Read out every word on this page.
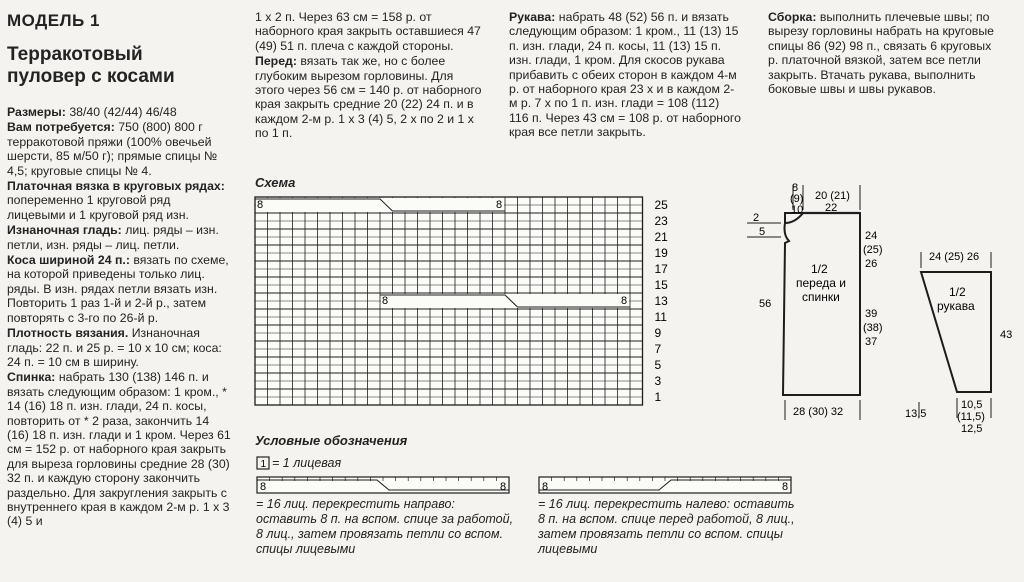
МОДЕЛЬ 1
Терракотовый
пуловер с косами

Размеры: 38/40 (42/44) 46/48

Вам потребуется: 750 (800) 800 г терракотовой пряжи (100% овечьей шерсти, 85 м/50 г); прямые спицы № 4,5; круговые спицы № 4.

Платочная вязка в круговых рядах: попеременно 1 круговой ряд лицевыми и 1 круговой ряд изн.

Изнаночная гладь: лиц. ряды – изн. петли, изн. ряды – лиц. петли.

Коса шириной 24 п.: вязать по схеме, на которой приведены только лиц. ряды. В изн. рядах петли вязать изн. Повторить 1 раз 1-й и 2-й р., затем повторять с 3-го по 26-й р.

Плотность вязания. Изнаночная гладь: 22 п. и 25 р. = 10 х 10 см; коса: 24 п. = 10 см в ширину.

Спинка: набрать 130 (138) 146 п. и вязать следующим образом: 1 кром., * 14 (16) 18 п. изн. глади, 24 п. косы, повторить от * 2 раза, закончить 14 (16) 18 п. изн. глади и 1 кром. Через 61 см = 152 р. от наборного края закрыть для выреза горловины средние 28 (30) 32 п. и каждую сторону закончить раздельно. Для закругления закрыть с внутреннего края в каждом 2-м р. 1 х 3 (4) 5 и

1 х 2 п. Через 63 см = 158 р. от наборного края закрыть оставшиеся 47 (49) 51 п. плеча с каждой стороны.

Перед: вязать так же, но с более глубоким вырезом горловины. Для этого через 56 см = 140 р. от наборного края закрыть средние 20 (22) 24 п. и в каждом 2-м р. 1 х 3 (4) 5, 2 х по 2 и 1 х по 1 п.

Рукава: набрать 48 (52) 56 п. и вязать следующим образом: 1 кром., 11 (13) 15 п. изн. глади, 24 п. косы, 11 (13) 15 п. изн. глади, 1 кром. Для скосов рукава прибавить с обеих сторон в каждом 4-м р. от наборного края 23 х и в каждом 2-м р. 7 х по 1 п. изн. глади = 108 (112) 116 п. Через 43 см = 108 р. от наборного края все петли закрыть.

Сборка: выполнить плечевые швы; по вырезу горловины набрать на круговые спицы 86 (92) 98 п., связать 6 круговых р. платочной вязкой, затем все петли закрыть. Втачать рукава, выполнить боковые швы и швы рукавов.

Схема
25
23
21
19
17
15
13
11
9
7
5
3
1
8	8
8	8
Условные обозначения
1 = 1 лицевая
8	8
= 16 лиц. перекрестить направо: оставить 8 п. на вспом. спице за работой, 8 лиц., затем провязать петли со вспом. спицы лицевыми
8	8
= 16 лиц. перекрестить налево: оставить 8 п. на вспом. спице перед работой, 8 лиц., затем провязать петли со вспом. спицы лицевыми
8
(9)
10
20 (21)
22
2
5	24
(25)
26
39
(38)
37
56
1/2
переда и
спинки
28 (30) 32
24 (25) 26
43
1/2
рукава
13,5
10,5
(11,5)
12,5
